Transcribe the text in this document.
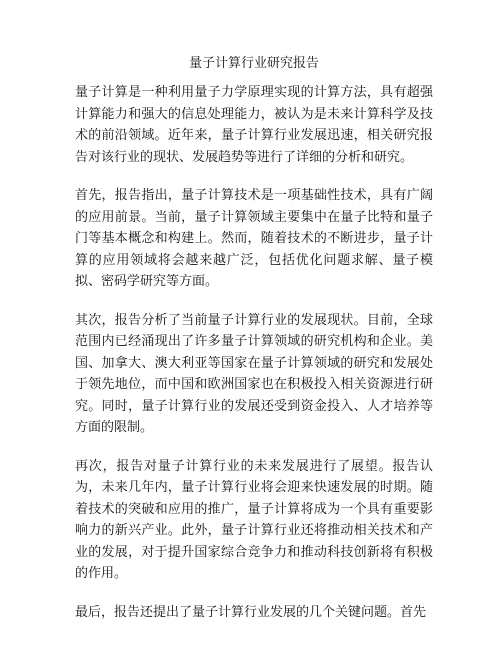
量子计算行业研究报告

量子计算是一种利用量子力学原理实现的计算方法，具有超强计算能力和强大的信息处理能力，被认为是未来计算科学及技术的前沿领域。近年来，量子计算行业发展迅速，相关研究报告对该行业的现状、发展趋势等进行了详细的分析和研究。

首先，报告指出，量子计算技术是一项基础性技术，具有广阔的应用前景。当前，量子计算领域主要集中在量子比特和量子门等基本概念和构建上。然而，随着技术的不断进步，量子计算的应用领域将会越来越广泛，包括优化问题求解、量子模拟、密码学研究等方面。

其次，报告分析了当前量子计算行业的发展现状。目前，全球范围内已经涌现出了许多量子计算领域的研究机构和企业。美国、加拿大、澳大利亚等国家在量子计算领域的研究和发展处于领先地位，而中国和欧洲国家也在积极投入相关资源进行研究。同时，量子计算行业的发展还受到资金投入、人才培养等方面的限制。

再次，报告对量子计算行业的未来发展进行了展望。报告认为，未来几年内，量子计算行业将会迎来快速发展的时期。随着技术的突破和应用的推广，量子计算将成为一个具有重要影响力的新兴产业。此外，量子计算行业还将推动相关技术和产业的发展，对于提升国家综合竞争力和推动科技创新将有积极的作用。

最后，报告还提出了量子计算行业发展的几个关键问题。首先
